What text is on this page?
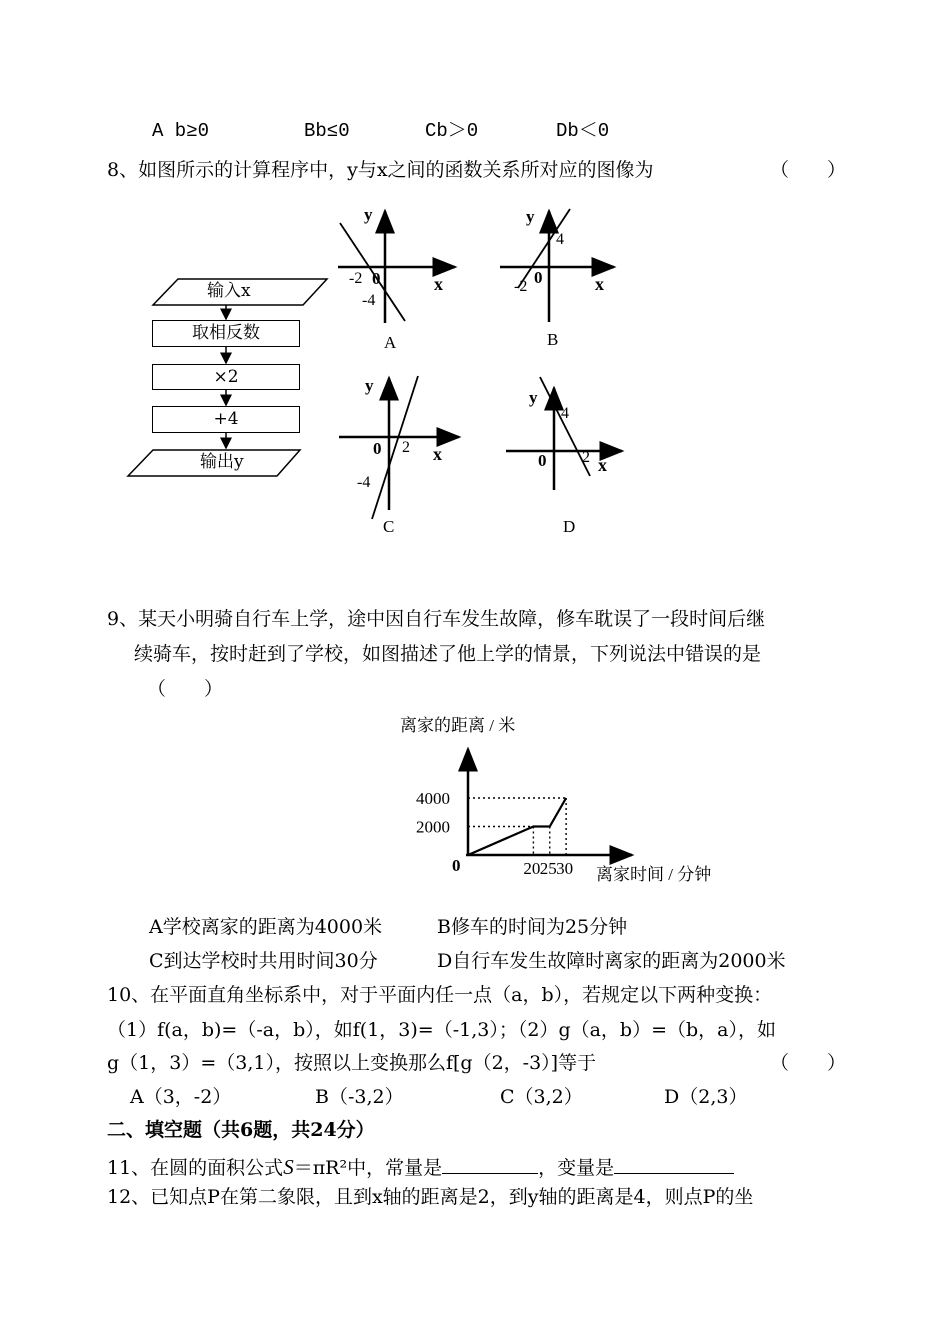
A b≥0	Bb≤0	Cb＞0	Db＜0
8、如图所示的计算程序中，y与x之间的函数关系所对应的图像为	（　　）
输入x
取相反数
×2
+4
输出y
y
x
0
-2
-4
A
y
x
0
-2
4
B
y
x
0 2
-4
C
y
x
0 2
4
D
9、某天小明骑自行车上学，途中因自行车发生故障，修车耽误了一段时间后继
续骑车，按时赶到了学校，如图描述了他上学的情景，下列说法中错误的是
（　　）
离家的距离 / 米
离家时间 / 分钟
4000
2000
20 25 30
0
A学校离家的距离为4000米	B修车的时间为25分钟
C到达学校时共用时间30分	D自行车发生故障时离家的距离为2000米
10、在平面直角坐标系中，对于平面内任一点（a，b），若规定以下两种变换：
（1）f(a，b)=（-a，b），如f(1，3)=（-1,3）；（2）g（a，b）=（b，a），如
g（1，3）=（3,1），按照以上变换那么f[g（2，-3）]等于	（　　）
A（3，-2）	B（-3,2）	C（3,2）	D（2,3）
二、填空题（共6题，共24分）
11、在圆的面积公式S＝πR²中，常量是	，变量是
12、已知点P在第二象限，且到x轴的距离是2，到y轴的距离是4，则点P的坐
